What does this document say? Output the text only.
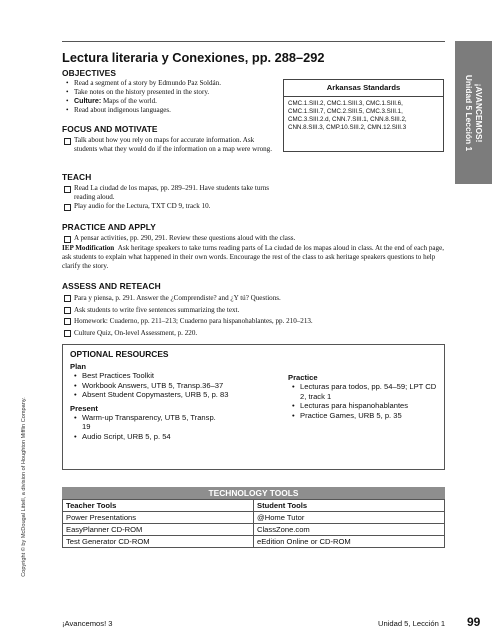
Lectura literaria y Conexiones, pp. 288–292
OBJECTIVES
• Read a segment of a story by Edmundo Paz Soldán.
• Take notes on the history presented in the story.
• Culture: Maps of the world.
• Read about indigenous languages.
FOCUS AND MOTIVATE
Talk about how you rely on maps for accurate information. Ask students what they would do if the information on a map were wrong.
Arkansas Standards
CMC.1.SIII.2, CMC.1.SIII.3, CMC.1.SIII.6, CMC.1.SIII.7, CMC.2.SIII.5, CMC.3.SIII.1, CMC.3.SIII.2.d, CNN.7.SIII.1, CNN.8.SIII.2, CNN.8.SIII.3, CMP.10.SIII.2, CMN.12.SIII.3	¡AVANCEMOS!
Unidad 5 Lección 1
TEACH
Read La ciudad de los mapas, pp. 289–291. Have students take turns reading aloud.
Play audio for the Lectura, TXT CD 9, track 10.
PRACTICE AND APPLY
A pensar activities, pp. 290, 291. Review these questions aloud with the class.

IEP Modification Ask heritage speakers to take turns reading parts of La ciudad de los mapas aloud in class. At the end of each page, ask students to explain what happened in their own words. Encourage the rest of the class to ask heritage speakers questions to help clarify the story.

ASSESS AND RETEACH
Para y piensa, p. 291. Answer the ¿Comprendiste? and ¿Y tú? Questions.
Ask students to write five sentences summarizing the text.
Homework: Cuaderno, pp. 211–213; Cuaderno para hispanohablantes, pp. 210–213.
Culture Quiz, On-level Assessment, p. 220.
Copyright © by McDougal Littell, a division of Houghton Mifflin Company.
OPTIONAL RESOURCES
Plan
• Best Practices Toolkit
• Workbook Answers, UTB 5, Transp.36–37
• Absent Student Copymasters, URB 5, p. 83
Present
• Warm-up Transparency, UTB 5, Transp. 19
• Audio Script, URB 5, p. 54
Practice
• Lecturas para todos, pp. 54–59; LPT CD 2, track 1
• Lecturas para hispanohablantes
• Practice Games, URB 5, p. 35
TECHNOLOGY TOOLS
Teacher Tools	Student Tools
Power Presentations	@Home Tutor
EasyPlanner CD-ROM	ClassZone.com
Test Generator CD-ROM	eEdition Online or CD-ROM
¡Avancemos! 3	Unidad 5, Lección 1 99
